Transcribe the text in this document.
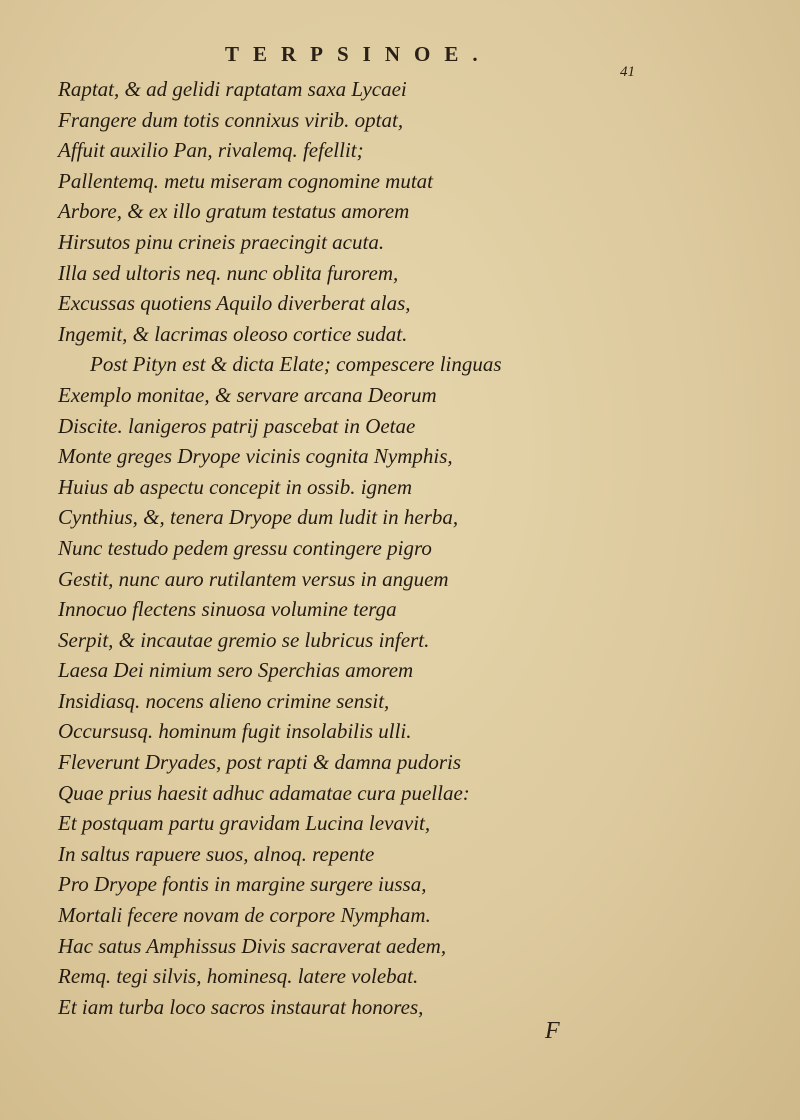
TERPSINOE.
41
Raptat, & ad gelidi raptatam saxa Lycaei
Frangere dum totis connixus virib. optat,
Affuit auxilio Pan, rivalemq. fefellit;
Pallentemq. metu miseram cognomine mutat
Arbore, & ex illo gratum testatus amorem
Hirsutos pinu crineis praecingit acuta.
Illa sed ultoris neq. nunc oblita furorem,
Excussas quotiens Aquilo diverberat alas,
Ingemit, & lacrimas oleoso cortice sudat.
Post Pityn est & dicta Elate; compescere linguas
Exemplo monitae, & servare arcana Deorum
Discite. lanigeros patrij pascebat in Oetae
Monte greges Dryope vicinis cognita Nymphis,
Huius ab aspectu concepit in ossib. ignem
Cynthius, &, tenera Dryope dum ludit in herba,
Nunc testudo pedem gressu contingere pigro
Gestit, nunc auro rutilantem versus in anguem
Innocuo flectens sinuosa volumine terga
Serpit, & incautae gremio se lubricus infert.
Laesa Dei nimium sero Sperchias amorem
Insidiasq. nocens alieno crimine sensit,
Occursusq. hominum fugit insolabilis ulli.
Fleverunt Dryades, post rapti & damna pudoris
Quae prius haesit adhuc adamatae cura puellae:
Et postquam partu gravidam Lucina levavit,
In saltus rapuere suos, alnoq. repente
Pro Dryope fontis in margine surgere iussa,
Mortali fecere novam de corpore Nympham.
Hac satus Amphissus Divis sacraverat aedem,
Remq. tegi silvis, hominesq. latere volebat.
Et iam turba loco sacros instaurat honores,
F
